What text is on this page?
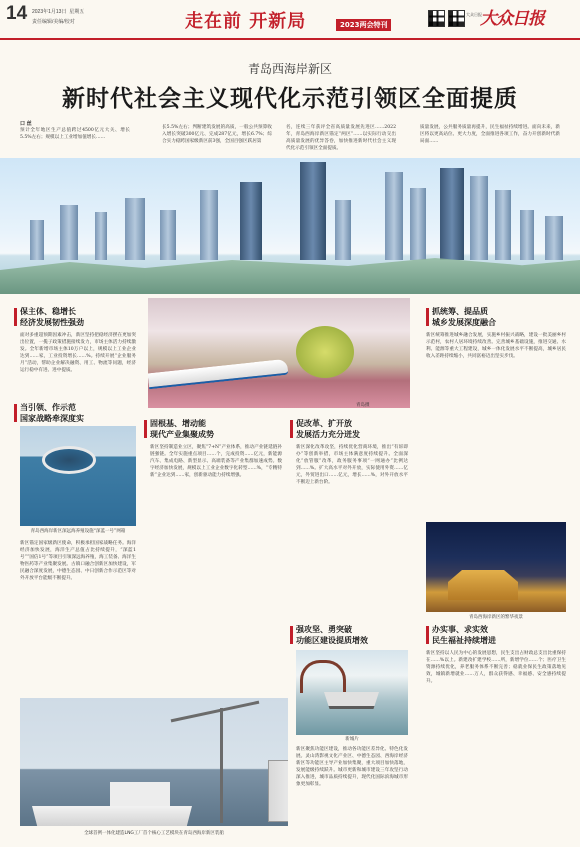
14 2023年1月13日 星期五
责任编辑/美编/校对	走在前 开新局	2023两会特刊
大众日报
大众日报
青岛西海岸新区
新时代社会主义现代化示范引领区全面提质
口 丝
预计全年地区生产总值跨过4500亿元大关、增长5.5%左右；规模以上工业增加值增长……
长5.5%左右；判断建筑发展的高质，一般公共预算收入增长突破300亿元、完成287亿元，增长6.7%；综合实力稳跨国家级新区前3强，全国百强区跃居第
名，连续三年获评全省高质量发展先进区……2022年，青岛西海岸新区锚定“两区”……以实际行动交出高质量发展的优异答卷，加快推进新时代社会主义现代化示范引领区全面提质。
质量发展，公共服务质量再提升，民生福祉持续增进。面向未来，新区将以更高站位、更大力度，全面推进各项工作，奋力开创新时代新局面……
保主体、稳增长
经济发展韧性强劲
面对多重超预期因素冲击，新区坚持把稳经济摆在更加突出位置，一揽子政策措施接续发力，市场主体活力持续激发。全年新增市场主体10万户以上，规模以上工业企业达到……家，工业投资增长……%。持续开展“企业服务月”活动，帮助企业解决融资、用工、物流等问题，经济运行稳中有进、进中提质。
当引领、作示范
国家战略牵深度实
青岛西海岸新区深远海养殖设施“深蓝一号”网箱
新区锚定国家级新区使命，积极承担国家战略任务。海洋经济加快发展，海洋生产总值占比持续提升，“深蓝1号”“国信1号”等项目引领深远海养殖，海工装备、海洋生物医药等产业集聚发展。古镇口融合创新区加快建设，军民融合深度发展，中德生态园、中日创新合作示范区等对外开放平台能级不断提升。
青岛摄
固根基、增动能
现代产业集聚成势
新区坚持制造业立区，聚焦“7+N”产业体系，推动产业链延链补链强链。全年实施重点项目……个，完成投资……亿元，新能源汽车、集成电路、新型显示、高端装备等产业集群加速成势。数字经济加快发展，规模以上工业企业数字化转型……%，“专精特新”企业达到……家，创新驱动能力持续增强。
促改革、扩开放
发展活力充分迸发
新区深化改革攻坚，持续优化营商环境，推出“有诉即办”等创新举措，市场主体满意度持续提升。全面深化“放管服”改革，政务服务事项“一网通办”比例达到……%。扩大高水平对外开放，实际使用外资……亿元，外贸进出口……亿元，增长……%，对外开放水平不断迈上新台阶。
强攻坚、勇突破
功能区建设提质增效
新城片
新区聚焦功能区建设，推动各功能区差异化、特色化发展。灵山湾影视文化产业区、中德生态园、西海岸经济新区等功能区主导产业加快集聚，重大项目加快落地，发展能级持续跃升。城市更新和城市建设三年攻坚行动深入推进，城市品质持续提升，现代化国际滨海城市形象更加彰显。
全球首例一体化建造LNG工厂首个核心工艺模块在青岛西海岸新区装船
抓统筹、提品质
城乡发展深度融合
新区统筹推进城乡融合发展，实施乡村振兴战略，建设一批美丽乡村示范村，农村人居环境持续改善。完善城乡基础设施，推进交通、水利、能源等重大工程建设，城乡一体化发展水平不断提高，城乡居民收入差距持续缩小，共同富裕迈出坚实步伐。
青岛西海岸新区的繁华夜景
办实事、求实效
民生福祉持续增进
新区坚持以人民为中心的发展思想，民生支出占财政总支出比重保持在……%以上。新建改扩建学校……所，新增学位……个；医疗卫生资源持续优化，养老服务体系不断完善；稳就业保民生政策落地见效，城镇新增就业……万人，群众获得感、幸福感、安全感持续提升。
